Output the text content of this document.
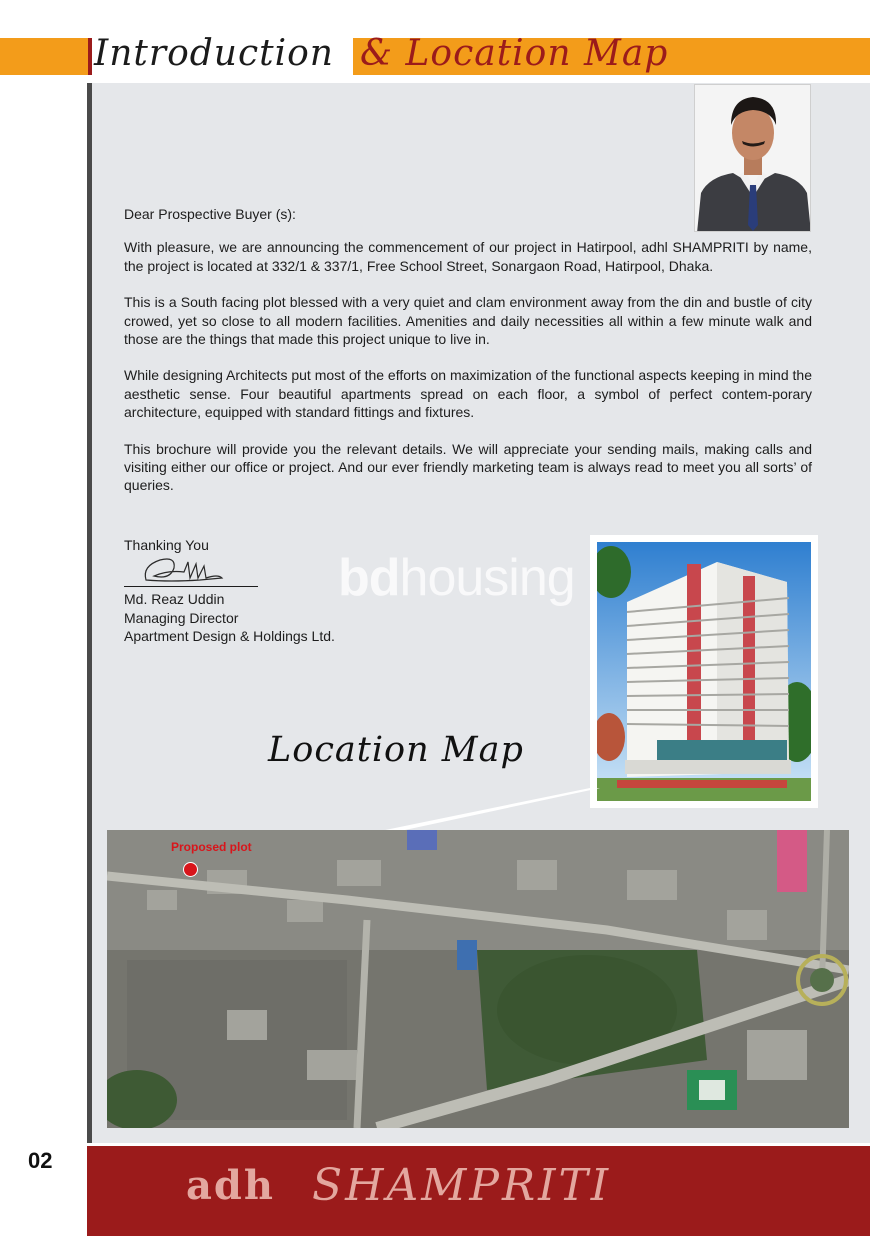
Introduction & Location Map

Dear Prospective Buyer (s):

With pleasure, we are announcing the commencement of our project in Hatirpool, adhl SHAMPRITI by name, the project is located at 332/1 & 337/1, Free School Street, Sonargaon Road, Hatirpool, Dhaka.

This is a South facing plot blessed with a very quiet and clam environment away from the din and bustle of city crowed, yet so close to all modern facilities. Amenities and daily necessities all within a few minute walk and those are the things that made this project unique to live in.

While designing Architects put most of the efforts on maximization of the functional aspects keeping in mind the aesthetic sense. Four beautiful apartments spread on each floor, a symbol of perfect contem-porary architecture, equipped with standard fittings and fixtures.

This brochure will provide you the relevant details. We will appreciate your sending mails, making calls and visiting either our office or project. And our ever friendly marketing team is always read to meet you all sorts’ of queries.

Thanking You
Md. Reaz Uddin
Managing Director
Apartment Design & Holdings Ltd.
bdhousing
Location Map
Proposed plot
02
adh SHAMPRITI
